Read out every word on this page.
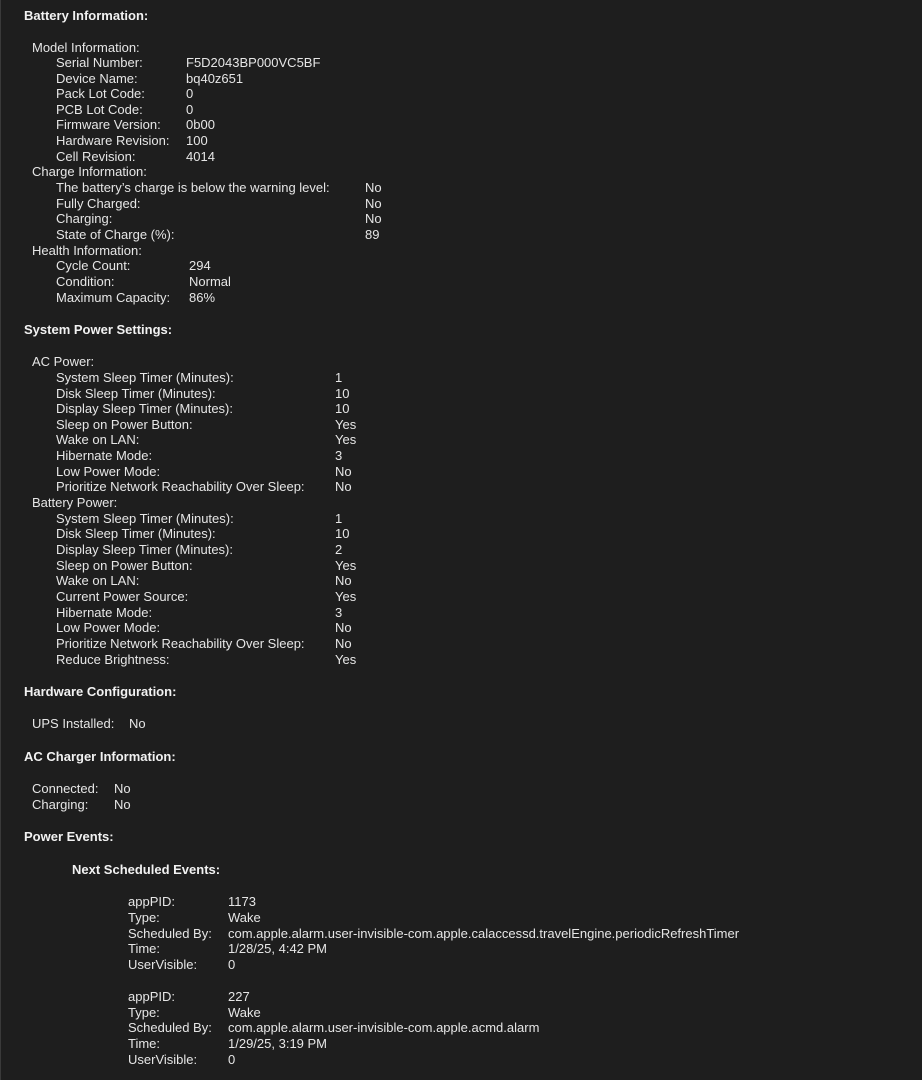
Battery Information:
Model Information:
Serial Number:	F5D2043BP000VC5BF
Device Name:	bq40z651
Pack Lot Code:	0
PCB Lot Code:	0
Firmware Version: 0b00
Hardware Revision: 100
Cell Revision:	4014
Charge Information:
The battery’s charge is below the warning level:	No
Fully Charged:	No
Charging:	No
State of Charge (%):	89
Health Information:
Cycle Count:	294
Condition:	Normal
Maximum Capacity: 86%
System Power Settings:
AC Power:
System Sleep Timer (Minutes):	1
Disk Sleep Timer (Minutes):	10
Display Sleep Timer (Minutes):	10
Sleep on Power Button:	Yes
Wake on LAN:	Yes
Hibernate Mode:	3
Low Power Mode:	No
Prioritize Network Reachability Over Sleep: No
Battery Power:
System Sleep Timer (Minutes):	1
Disk Sleep Timer (Minutes):	10
Display Sleep Timer (Minutes):	2
Sleep on Power Button:	Yes
Wake on LAN:	No
Current Power Source:	Yes
Hibernate Mode:	3
Low Power Mode:	No
Prioritize Network Reachability Over Sleep: No
Reduce Brightness:	Yes
Hardware Configuration:
UPS Installed: No
AC Charger Information:
Connected: No
Charging: No
Power Events:
Next Scheduled Events:
appPID:	1173
Type:	Wake
Scheduled By: com.apple.alarm.user-invisible-com.apple.calaccessd.travelEngine.periodicRefreshTimer
Time:	1/28/25, 4:42 PM
UserVisible: 0
appPID:	227
Type:	Wake
Scheduled By: com.apple.alarm.user-invisible-com.apple.acmd.alarm
Time:	1/29/25, 3:19 PM
UserVisible: 0
